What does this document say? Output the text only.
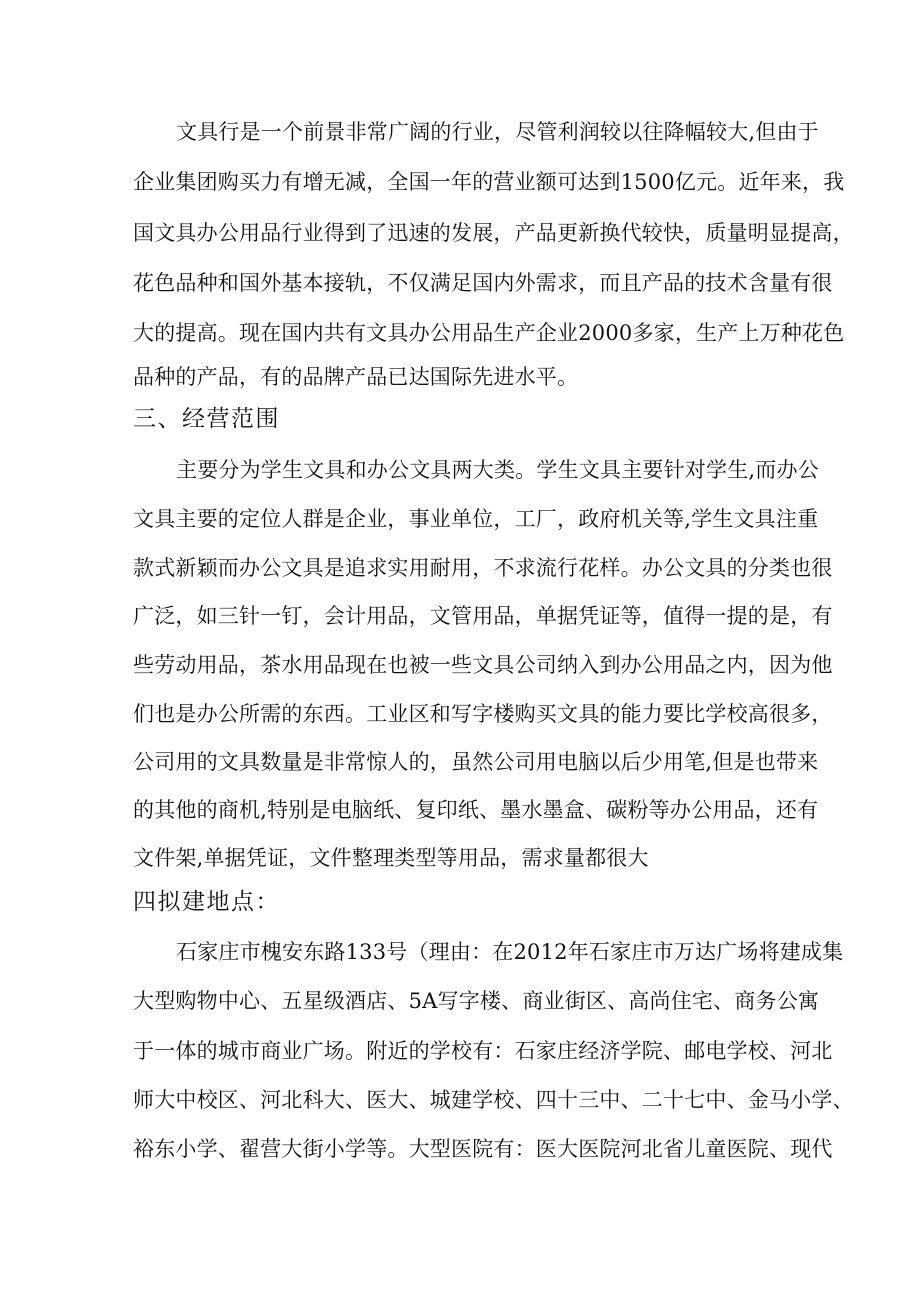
文具行是一个前景非常广阔的行业，尽管利润较以往降幅较大,但由于
企业集团购买力有增无减，全国一年的营业额可达到1500亿元。近年来，我
国文具办公用品行业得到了迅速的发展，产品更新换代较快，质量明显提高，
花色品种和国外基本接轨，不仅满足国内外需求，而且产品的技术含量有很
大的提高。现在国内共有文具办公用品生产企业2000多家，生产上万种花色
品种的产品，有的品牌产品已达国际先进水平。
三、经营范围
主要分为学生文具和办公文具两大类。学生文具主要针对学生,而办公
文具主要的定位人群是企业，事业单位，工厂，政府机关等,学生文具注重
款式新颖而办公文具是追求实用耐用，不求流行花样。办公文具的分类也很
广泛，如三针一钉，会计用品，文管用品，单据凭证等，值得一提的是，有
些劳动用品，茶水用品现在也被一些文具公司纳入到办公用品之内，因为他
们也是办公所需的东西。工业区和写字楼购买文具的能力要比学校高很多，
公司用的文具数量是非常惊人的，虽然公司用电脑以后少用笔,但是也带来
的其他的商机,特别是电脑纸、复印纸、墨水墨盒、碳粉等办公用品，还有
文件架,单据凭证，文件整理类型等用品，需求量都很大
四拟建地点：
石家庄市槐安东路133号（理由：在2012年石家庄市万达广场将建成集
大型购物中心、五星级酒店、5Α写字楼、商业街区、高尚住宅、商务公寓
于一体的城市商业广场。附近的学校有：石家庄经济学院、邮电学校、河北
师大中校区、河北科大、医大、城建学校、四十三中、二十七中、金马小学、
裕东小学、翟营大街小学等。大型医院有：医大医院河北省儿童医院、现代
